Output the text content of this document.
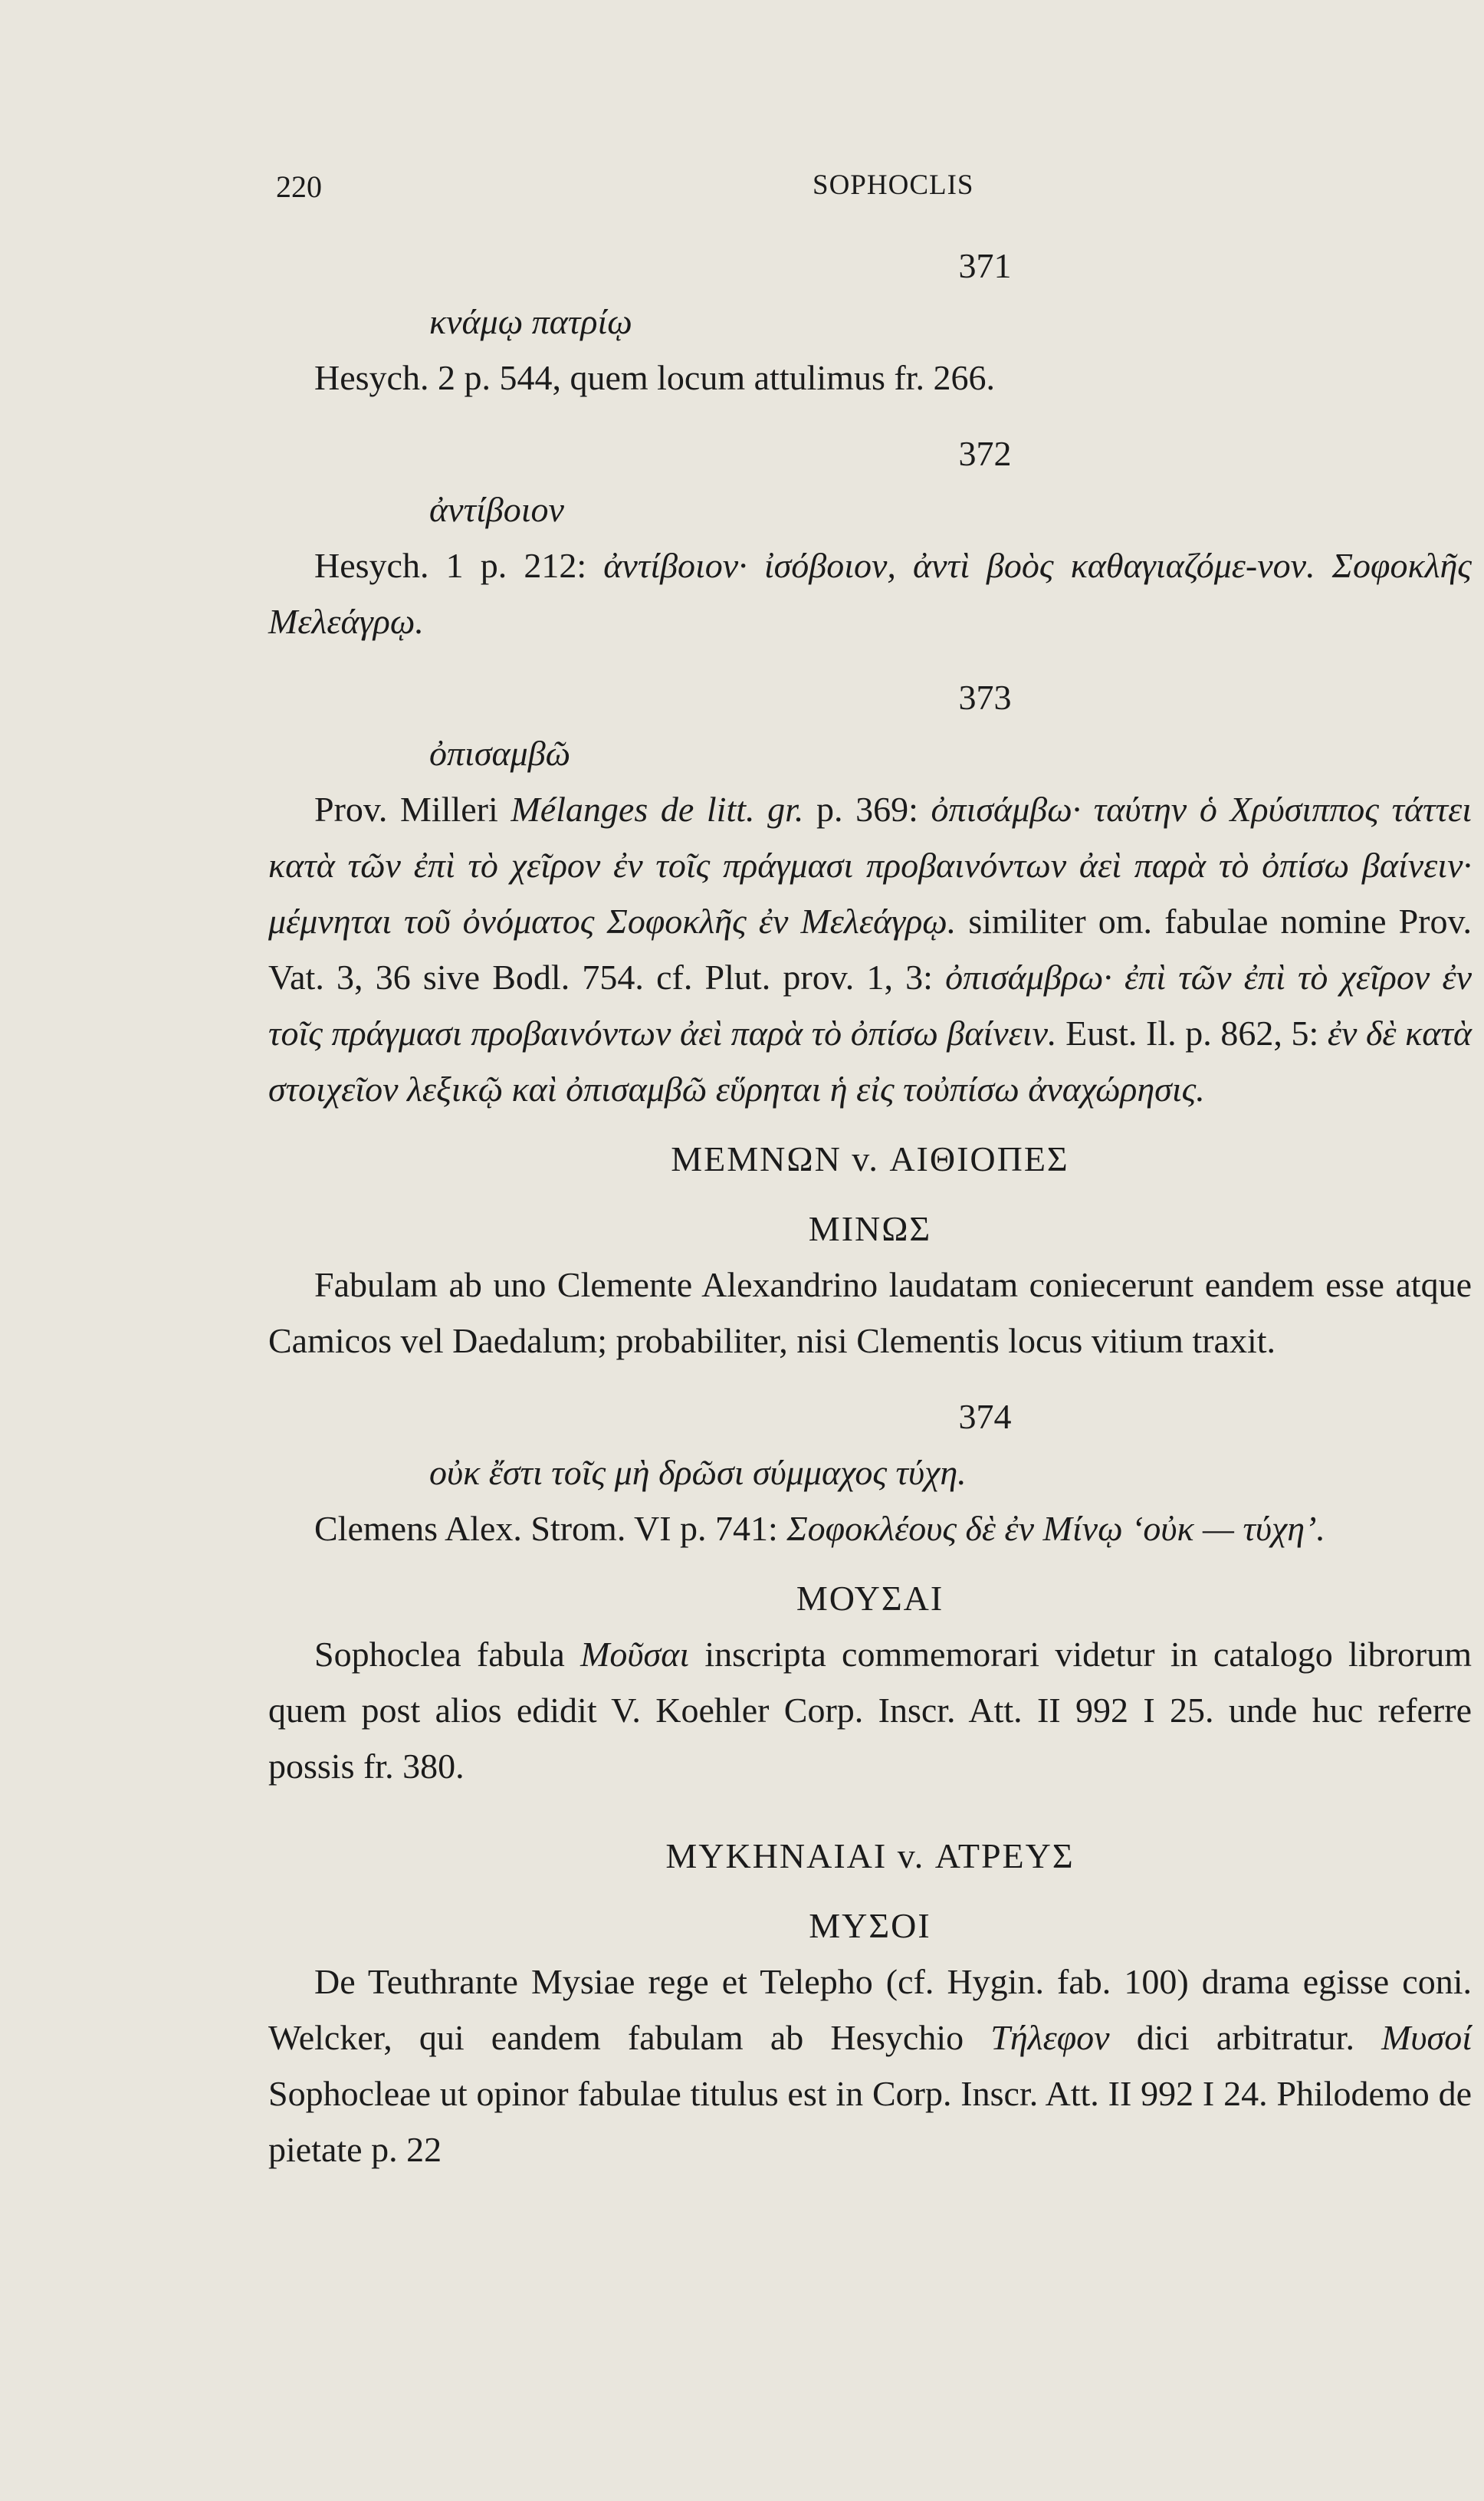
220	SOPHOCLIS
371
κνάμῳ πατρίῳ

Hesych. 2 p. 544, quem locum attulimus fr. 266.

372
ἀντίβοιον

Hesych. 1 p. 212: ἀντίβοιον· ἰσόβοιον, ἀντὶ βοὸς καθαγιαζόμε-νον. Σοφοκλῆς Μελεάγρῳ.

373
ὀπισαμβῶ

Prov. Milleri Mélanges de litt. gr. p. 369: ὀπισάμβω· ταύτην ὁ Χρύσιππος τάττει κατὰ τῶν ἐπὶ τὸ χεῖρον ἐν τοῖς πράγμασι προβαινόντων ἀεὶ παρὰ τὸ ὀπίσω βαίνειν· μέμνηται τοῦ ὀνόματος Σοφοκλῆς ἐν Μελεάγρῳ. similiter om. fabulae nomine Prov. Vat. 3, 36 sive Bodl. 754. cf. Plut. prov. 1, 3: ὀπισάμβρω· ἐπὶ τῶν ἐπὶ τὸ χεῖρον ἐν τοῖς πράγμασι προβαινόντων ἀεὶ παρὰ τὸ ὀπίσω βαίνειν. Eust. Il. p. 862, 5: ἐν δὲ κατὰ στοιχεῖον λεξικῷ καὶ ὀπισαμβῶ εὕρηται ἡ εἰς τοὐπίσω ἀναχώρησις.

ΜΕΜΝΩΝ v. ΑΙΘΙΟΠΕΣ
ΜΙΝΩΣ

Fabulam ab uno Clemente Alexandrino laudatam coniecerunt eandem esse atque Camicos vel Daedalum; probabiliter, nisi Clementis locus vitium traxit.

374
οὐκ ἔστι τοῖς μὴ δρῶσι σύμμαχος τύχη.

Clemens Alex. Strom. VI p. 741: Σοφοκλέους δὲ ἐν Μίνῳ ‘οὐκ — τύχη’.

ΜΟΥΣΑΙ

Sophoclea fabula Μοῦσαι inscripta commemorari videtur in catalogo librorum quem post alios edidit V. Koehler Corp. Inscr. Att. II 992 I 25. unde huc referre possis fr. 380.

ΜΥΚΗΝΑΙΑΙ v. ΑΤΡΕΥΣ
ΜΥΣΟΙ

De Teuthrante Mysiae rege et Telepho (cf. Hygin. fab. 100) drama egisse coni. Welcker, qui eandem fabulam ab Hesychio Τήλεφον dici arbitratur. Μυσοί Sophocleae ut opinor fabulae titulus est in Corp. Inscr. Att. II 992 I 24. Philodemo de pietate p. 22
